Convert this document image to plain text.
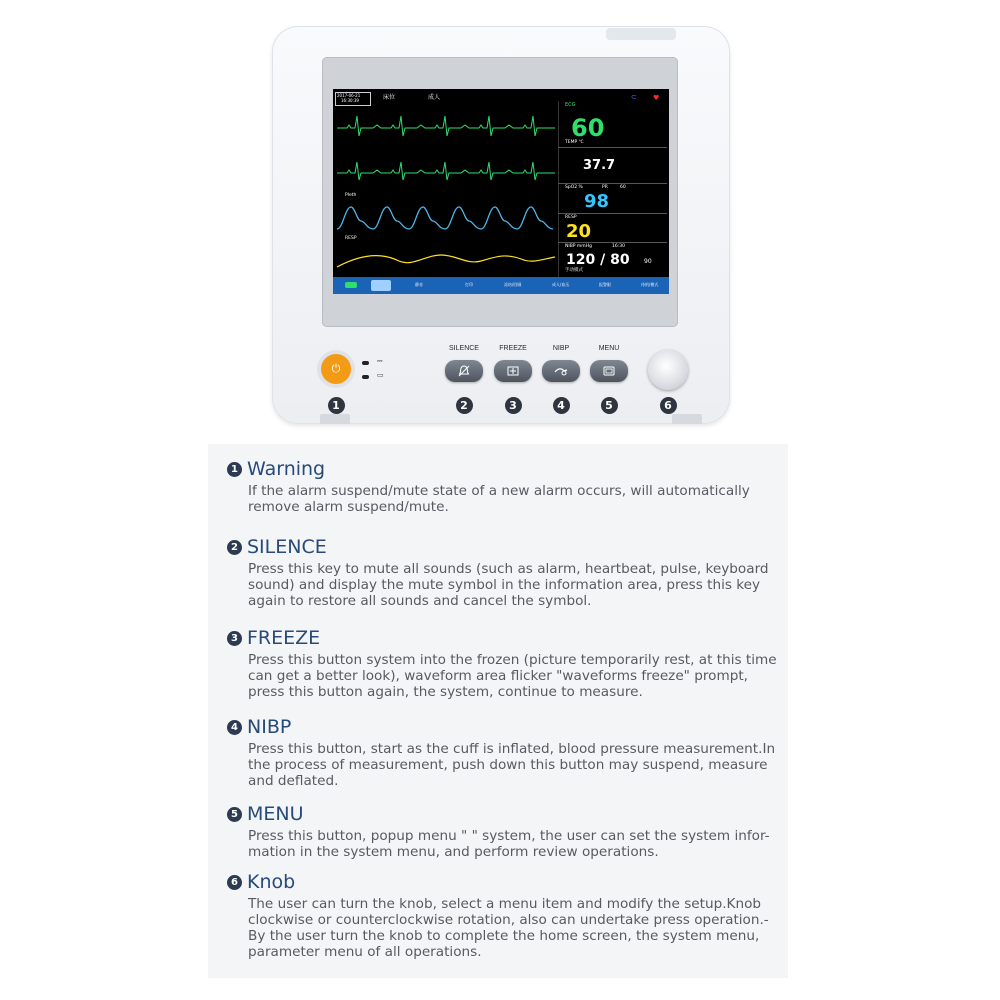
2017-06-21
16:30:39	床位	成人	⊂ ♥
Pleth
RESP
ECG
60
TEMP ℃
37.7
SpO2 %	PR	60
98
RESP
20
NIBP mmHg	16:30
120 / 80 90
手动模式
静音	打印	冻结/回顾	成人/血压	报警限	待机/模式
⏻
⎓
▭
SILENCE	FREEZE	NIBP	MENU
1	2	3	4	5	6
1 Warning
If the alarm suspend/mute state of a new alarm occurs, will automatically
remove alarm suspend/mute.
2 SILENCE
Press this key to mute all sounds (such as alarm, heartbeat, pulse, keyboard
sound) and display the mute symbol in the information area, press this key
again to restore all sounds and cancel the symbol.
3 FREEZE
Press this button system into the frozen (picture temporarily rest, at this time
can get a better look), waveform area flicker "waveforms freeze" prompt,
press this button again, the system, continue to measure.
4 NIBP
Press this button, start as the cuff is inflated, blood pressure measurement.In
the process of measurement, push down this button may suspend, measure
and deflated.
5 MENU
Press this button, popup menu " " system, the user can set the system infor-
mation in the system menu, and perform review operations.
6 Knob
The user can turn the knob, select a menu item and modify the setup.Knob
clockwise or counterclockwise rotation, also can undertake press operation.-
By the user turn the knob to complete the home screen, the system menu,
parameter menu of all operations.
